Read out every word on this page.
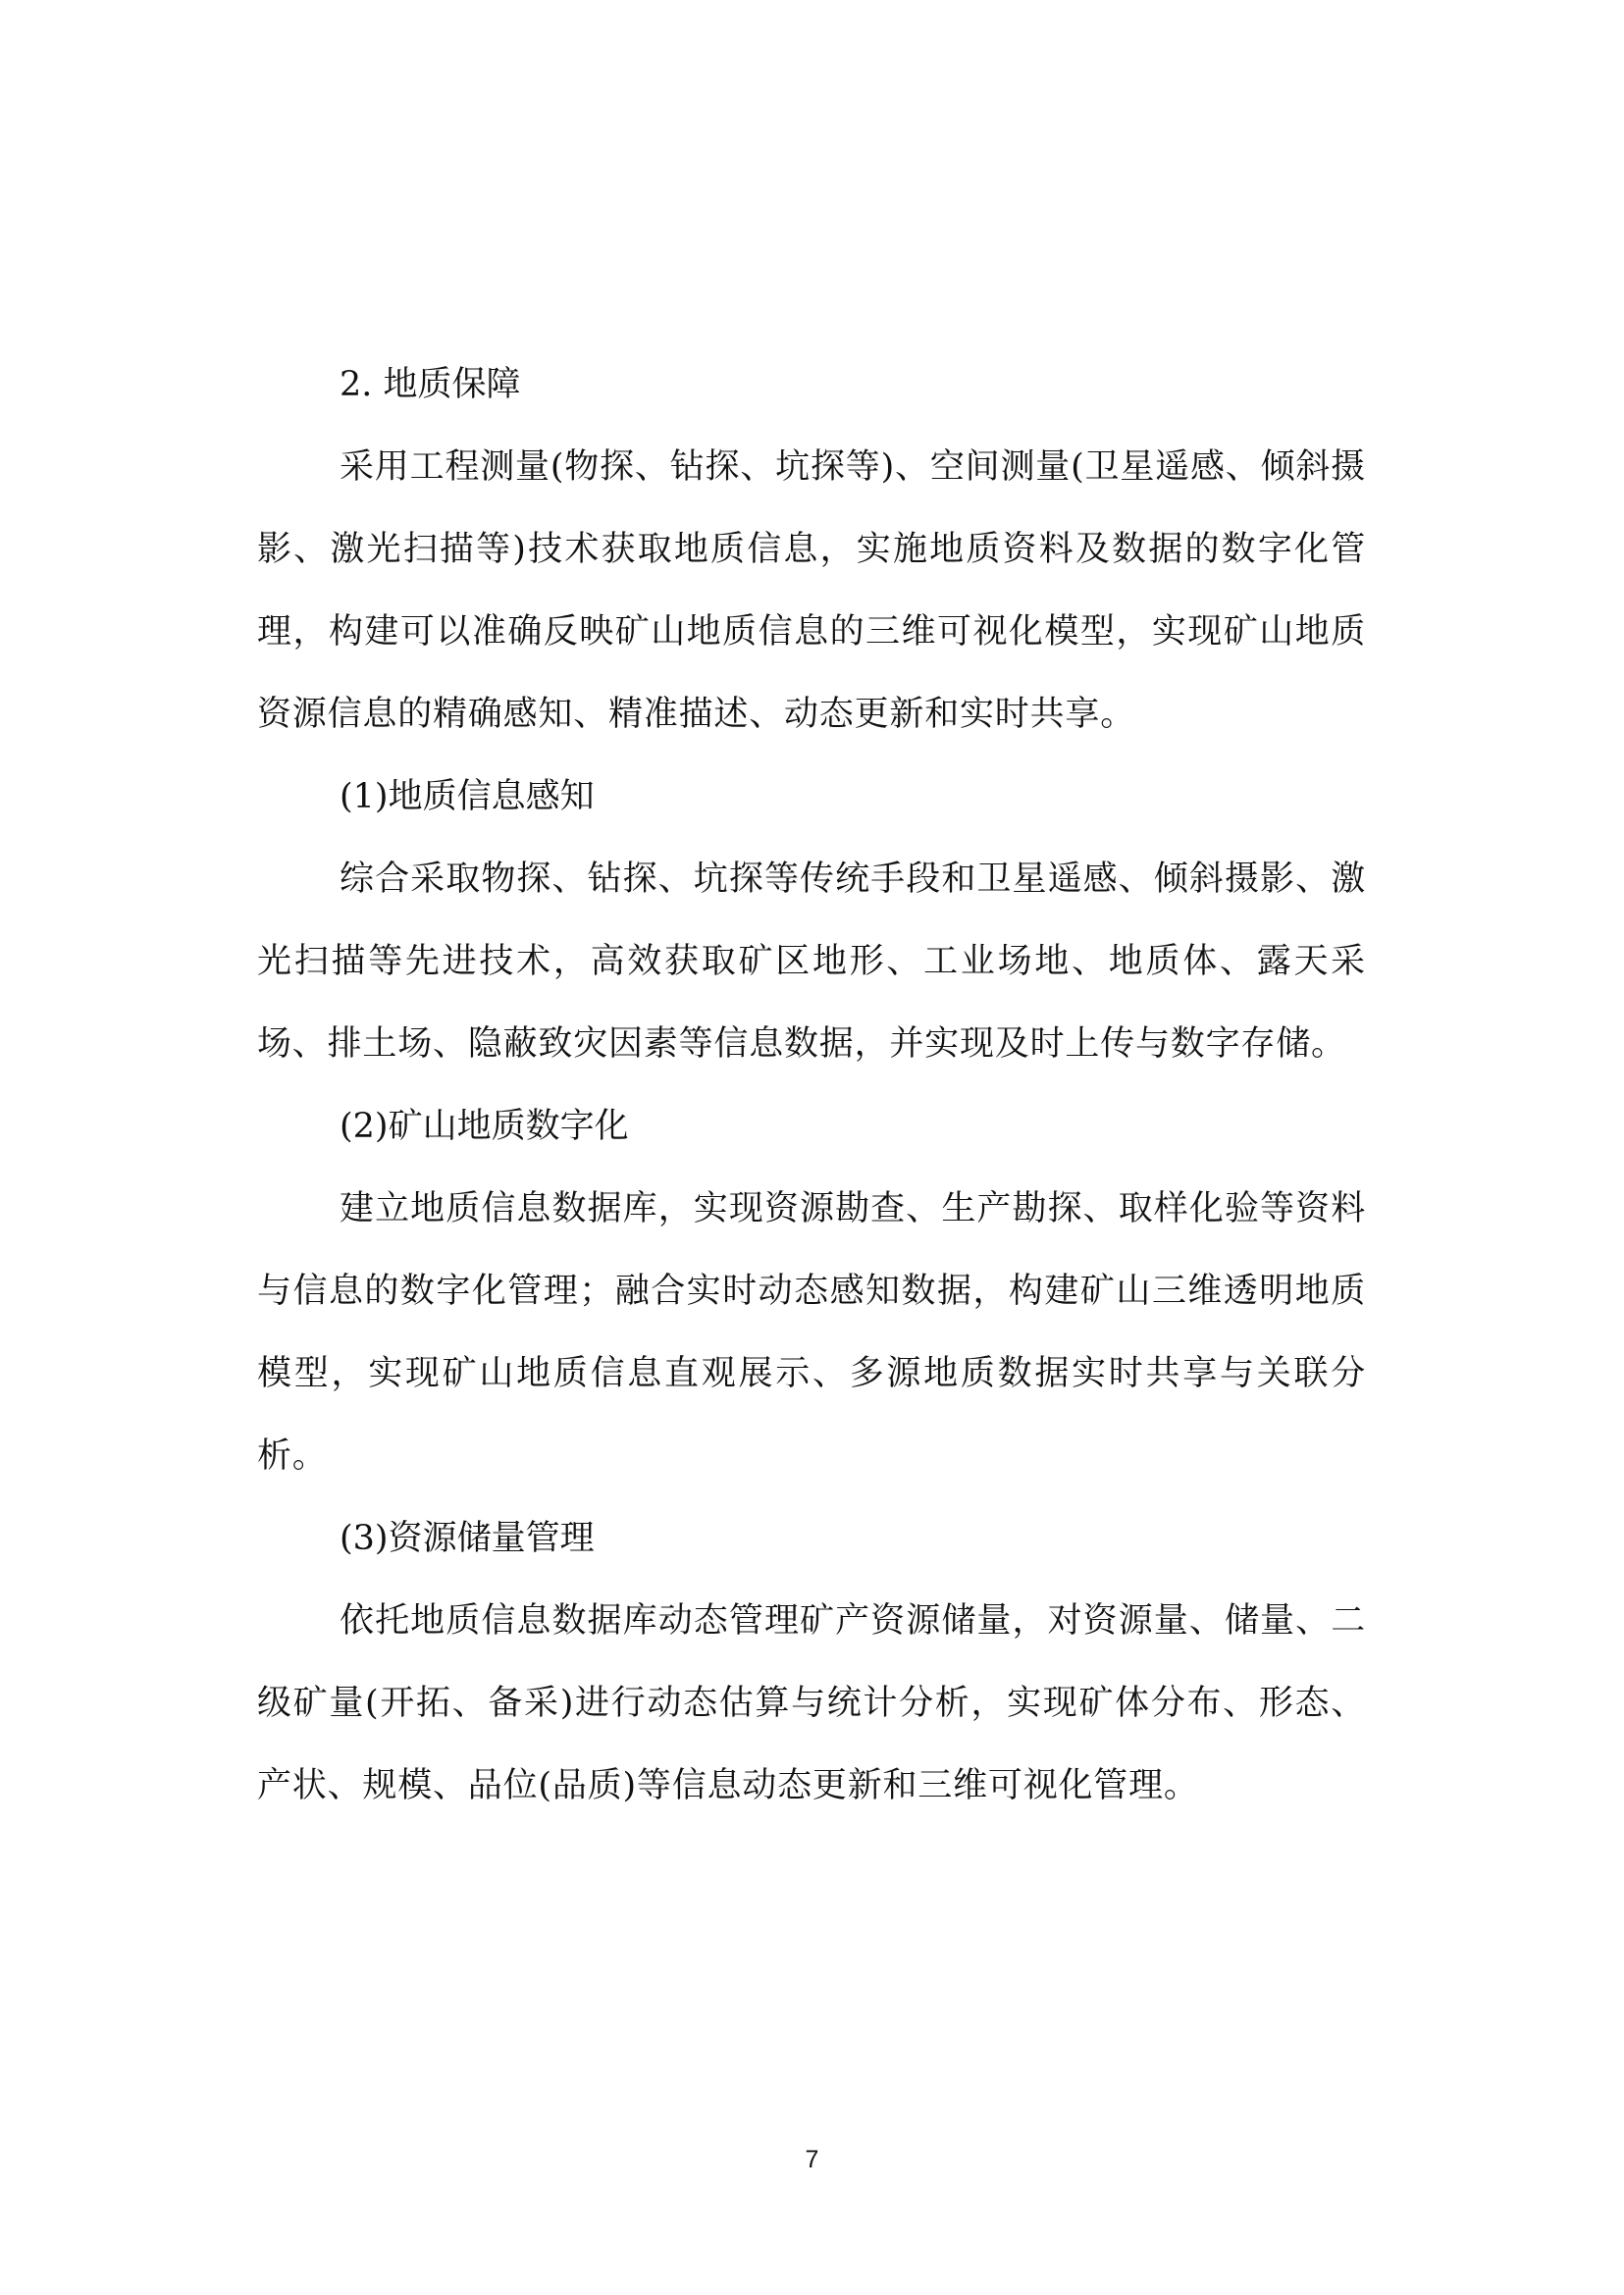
2. 地质保障

采用工程测量(物探、钻探、坑探等)、空间测量(卫星遥感、倾斜摄影、激光扫描等)技术获取地质信息，实施地质资料及数据的数字化管理，构建可以准确反映矿山地质信息的三维可视化模型，实现矿山地质资源信息的精确感知、精准描述、动态更新和实时共享。

(1)地质信息感知

综合采取物探、钻探、坑探等传统手段和卫星遥感、倾斜摄影、激光扫描等先进技术，高效获取矿区地形、工业场地、地质体、露天采场、排土场、隐蔽致灾因素等信息数据，并实现及时上传与数字存储。

(2)矿山地质数字化

建立地质信息数据库，实现资源勘查、生产勘探、取样化验等资料与信息的数字化管理；融合实时动态感知数据，构建矿山三维透明地质模型，实现矿山地质信息直观展示、多源地质数据实时共享与关联分析。

(3)资源储量管理

依托地质信息数据库动态管理矿产资源储量，对资源量、储量、二级矿量(开拓、备采)进行动态估算与统计分析，实现矿体分布、形态、产状、规模、品位(品质)等信息动态更新和三维可视化管理。

7
